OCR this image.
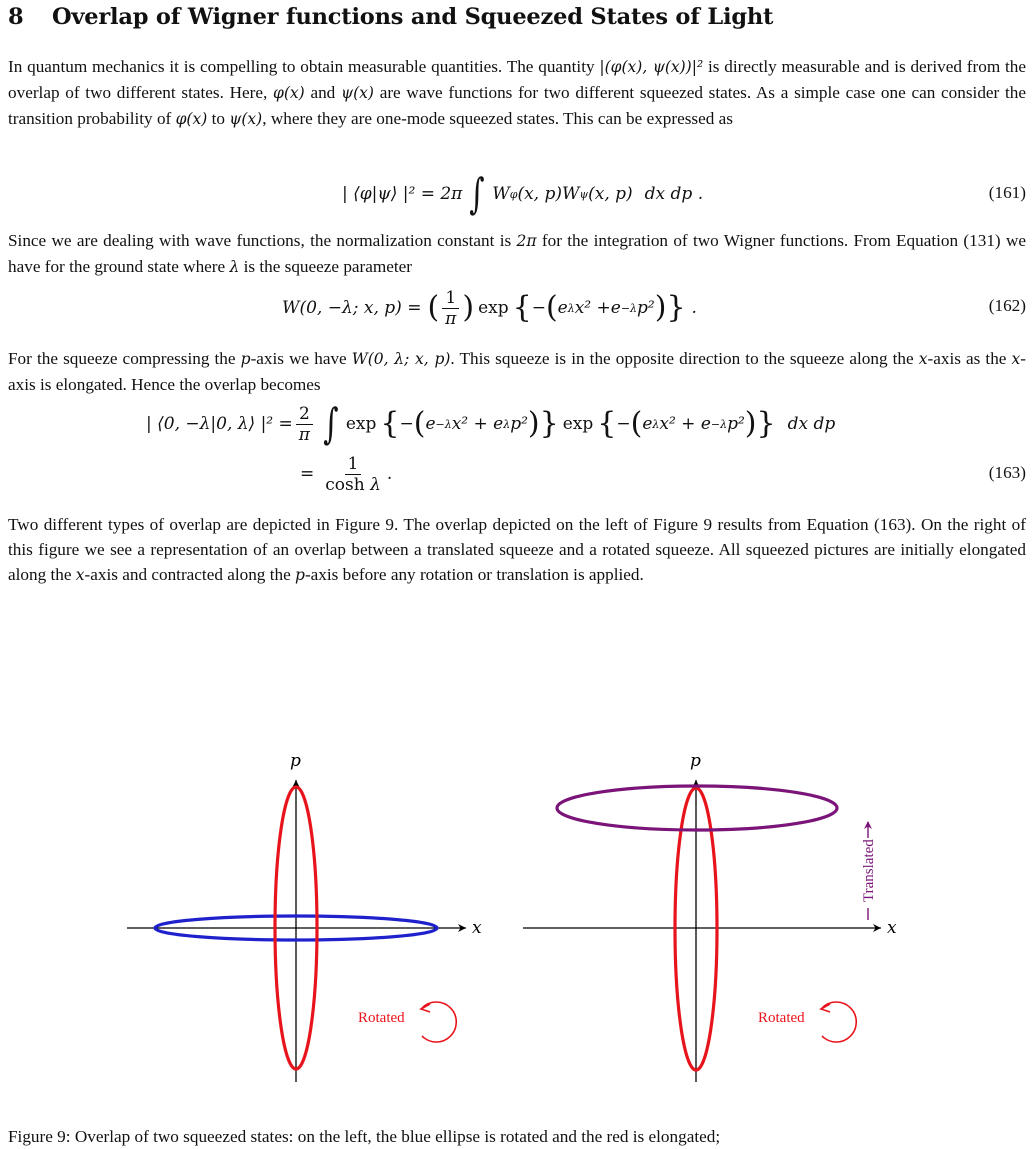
8 Overlap of Wigner functions and Squeezed States of Light

In quantum mechanics it is compelling to obtain measurable quantities. The quantity |(φ(x), ψ(x))|² is directly measurable and is derived from the overlap of two different states. Here, φ(x) and ψ(x) are wave functions for two different squeezed states. As a simple case one can consider the transition probability of φ(x) to ψ(x), where they are one-mode squeezed states. This can be expressed as

| ⟨φ|ψ⟩ |² = 2π ∫ W φ (x, p) W ψ (x, p) dx dp .	(161)

Since we are dealing with wave functions, the normalization constant is 2π for the integration of two Wigner functions. From Equation (131) we have for the ground state where λ is the squeeze parameter

W(0, −λ; x, p) = ( $\frac{1}{\pi}$ ) exp { − ( e λ x² + e −λ p² ) } .	(162)

For the squeeze compressing the p-axis we have W(0, λ; x, p). This squeeze is in the opposite direction to the squeeze along the x-axis as the x-axis is elongated. Hence the overlap becomes

| ⟨0, −λ|0, λ⟩ $|^2 = \frac{2}{\pi}$ ∫ exp { − ( e −λ x² + e λ p² ) } exp { − ( e λ x² + e −λ p² ) } dx dp
= $\frac{1}{\text{cosh λ}}$ .	(163)

Two different types of overlap are depicted in Figure 9. The overlap depicted on the left of Figure 9 results from Equation (163). On the right of this figure we see a representation of an overlap between a translated squeeze and a rotated squeeze. All squeezed pictures are initially elongated along the x-axis and contracted along the p-axis before any rotation or translation is applied.

p
x
Rotated
p
x
Rotated
Translated

Figure 9: Overlap of two squeezed states: on the left, the blue ellipse is rotated and the red is elongated;
